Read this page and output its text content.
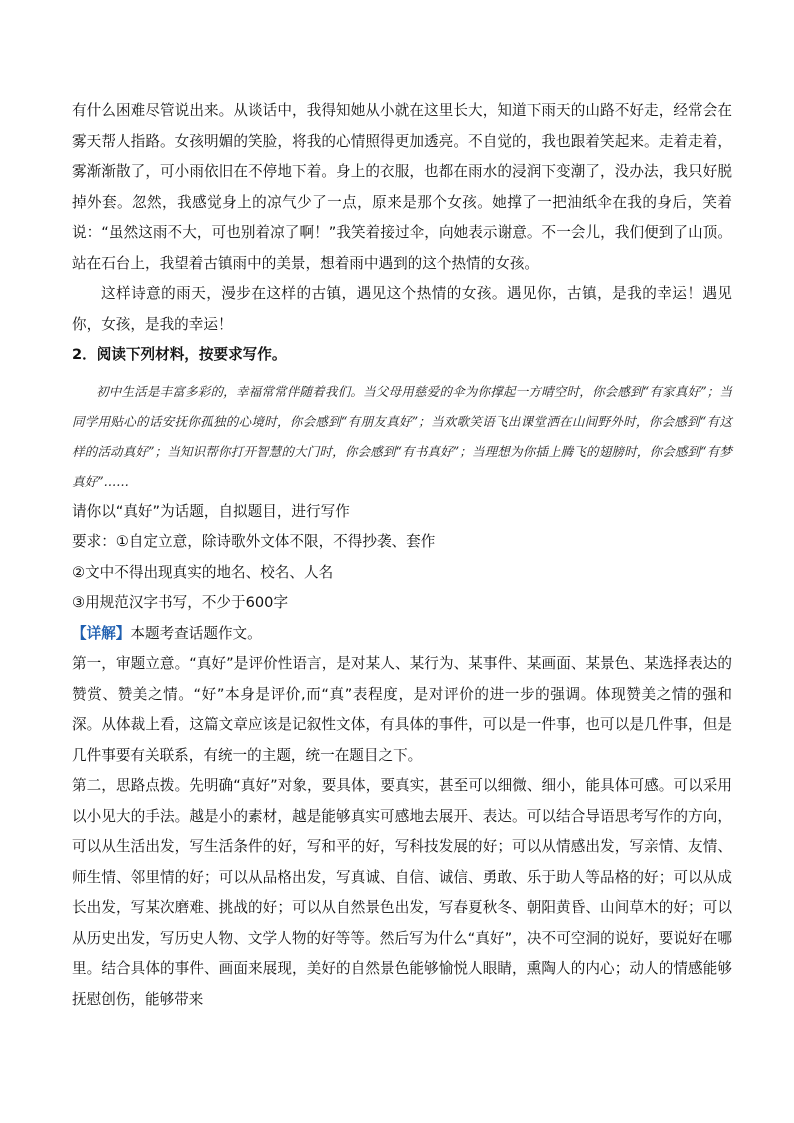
有什么困难尽管说出来。从谈话中，我得知她从小就在这里长大，知道下雨天的山路不好走，经常会在雾天帮人指路。女孩明媚的笑脸，将我的心情照得更加透亮。不自觉的，我也跟着笑起来。走着走着，雾渐渐散了，可小雨依旧在不停地下着。身上的衣服，也都在雨水的浸润下变潮了，没办法，我只好脱掉外套。忽然，我感觉身上的凉气少了一点，原来是那个女孩。她撑了一把油纸伞在我的身后，笑着说：“虽然这雨不大，可也别着凉了啊！”我笑着接过伞，向她表示谢意。不一会儿，我们便到了山顶。站在石台上，我望着古镇雨中的美景，想着雨中遇到的这个热情的女孩。

这样诗意的雨天，漫步在这样的古镇，遇见这个热情的女孩。遇见你，古镇，是我的幸运！遇见你，女孩，是我的幸运！

2．阅读下列材料，按要求写作。

初中生活是丰富多彩的，幸福常常伴随着我们。当父母用慈爱的伞为你撑起一方晴空时，你会感到“有家真好”；当同学用贴心的话安抚你孤独的心境时，你会感到“有朋友真好”；当欢歌笑语飞出课堂洒在山间野外时，你会感到“有这样的活动真好”；当知识帮你打开智慧的大门时，你会感到“有书真好”；当理想为你插上腾飞的翅膀时，你会感到“有梦真好”……

请你以“真好”为话题，自拟题目，进行写作

要求：①自定立意，除诗歌外文体不限，不得抄袭、套作

②文中不得出现真实的地名、校名、人名

③用规范汉字书写，不少于600字

【详解】本题考查话题作文。

第一，审题立意。“真好”是评价性语言，是对某人、某行为、某事件、某画面、某景色、某选择表达的赞赏、赞美之情。“好”本身是评价,而“真”表程度，是对评价的进一步的强调。体现赞美之情的强和深。从体裁上看，这篇文章应该是记叙性文体，有具体的事件，可以是一件事，也可以是几件事，但是几件事要有关联系，有统一的主题，统一在题目之下。

第二，思路点拨。先明确“真好”对象，要具体，要真实，甚至可以细微、细小，能具体可感。可以采用以小见大的手法。越是小的素材，越是能够真实可感地去展开、表达。可以结合导语思考写作的方向，可以从生活出发，写生活条件的好，写和平的好，写科技发展的好；可以从情感出发，写亲情、友情、师生情、邻里情的好；可以从品格出发，写真诚、自信、诚信、勇敢、乐于助人等品格的好；可以从成长出发，写某次磨难、挑战的好；可以从自然景色出发，写春夏秋冬、朝阳黄昏、山间草木的好；可以从历史出发，写历史人物、文学人物的好等等。然后写为什么“真好”，决不可空洞的说好，要说好在哪里。结合具体的事件、画面来展现，美好的自然景色能够愉悦人眼睛，熏陶人的内心；动人的情感能够抚慰创伤，能够带来
